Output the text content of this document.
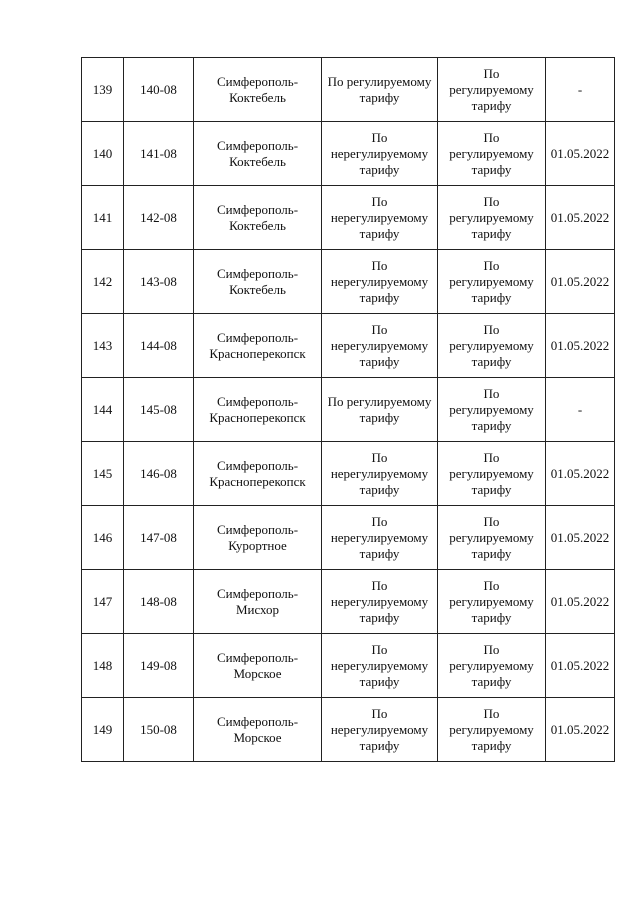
139	140-08	Симферополь-Коктебель	По регулируемому тарифу	По регулируемому тарифу	-
140	141-08	Симферополь-Коктебель	По нерегулируемому тарифу	По регулируемому тарифу	01.05.2022
141	142-08	Симферополь-Коктебель	По нерегулируемому тарифу	По регулируемому тарифу	01.05.2022
142	143-08	Симферополь-Коктебель	По нерегулируемому тарифу	По регулируемому тарифу	01.05.2022
143	144-08	Симферополь-Красноперекопск	По нерегулируемому тарифу	По регулируемому тарифу	01.05.2022
144	145-08	Симферополь-Красноперекопск	По регулируемому тарифу	По регулируемому тарифу	-
145	146-08	Симферополь-Красноперекопск	По нерегулируемому тарифу	По регулируемому тарифу	01.05.2022
146	147-08	Симферополь-Курортное	По нерегулируемому тарифу	По регулируемому тарифу	01.05.2022
147	148-08	Симферополь-Мисхор	По нерегулируемому тарифу	По регулируемому тарифу	01.05.2022
148	149-08	Симферополь-Морское	По нерегулируемому тарифу	По регулируемому тарифу	01.05.2022
149	150-08	Симферополь-Морское	По нерегулируемому тарифу	По регулируемому тарифу	01.05.2022
